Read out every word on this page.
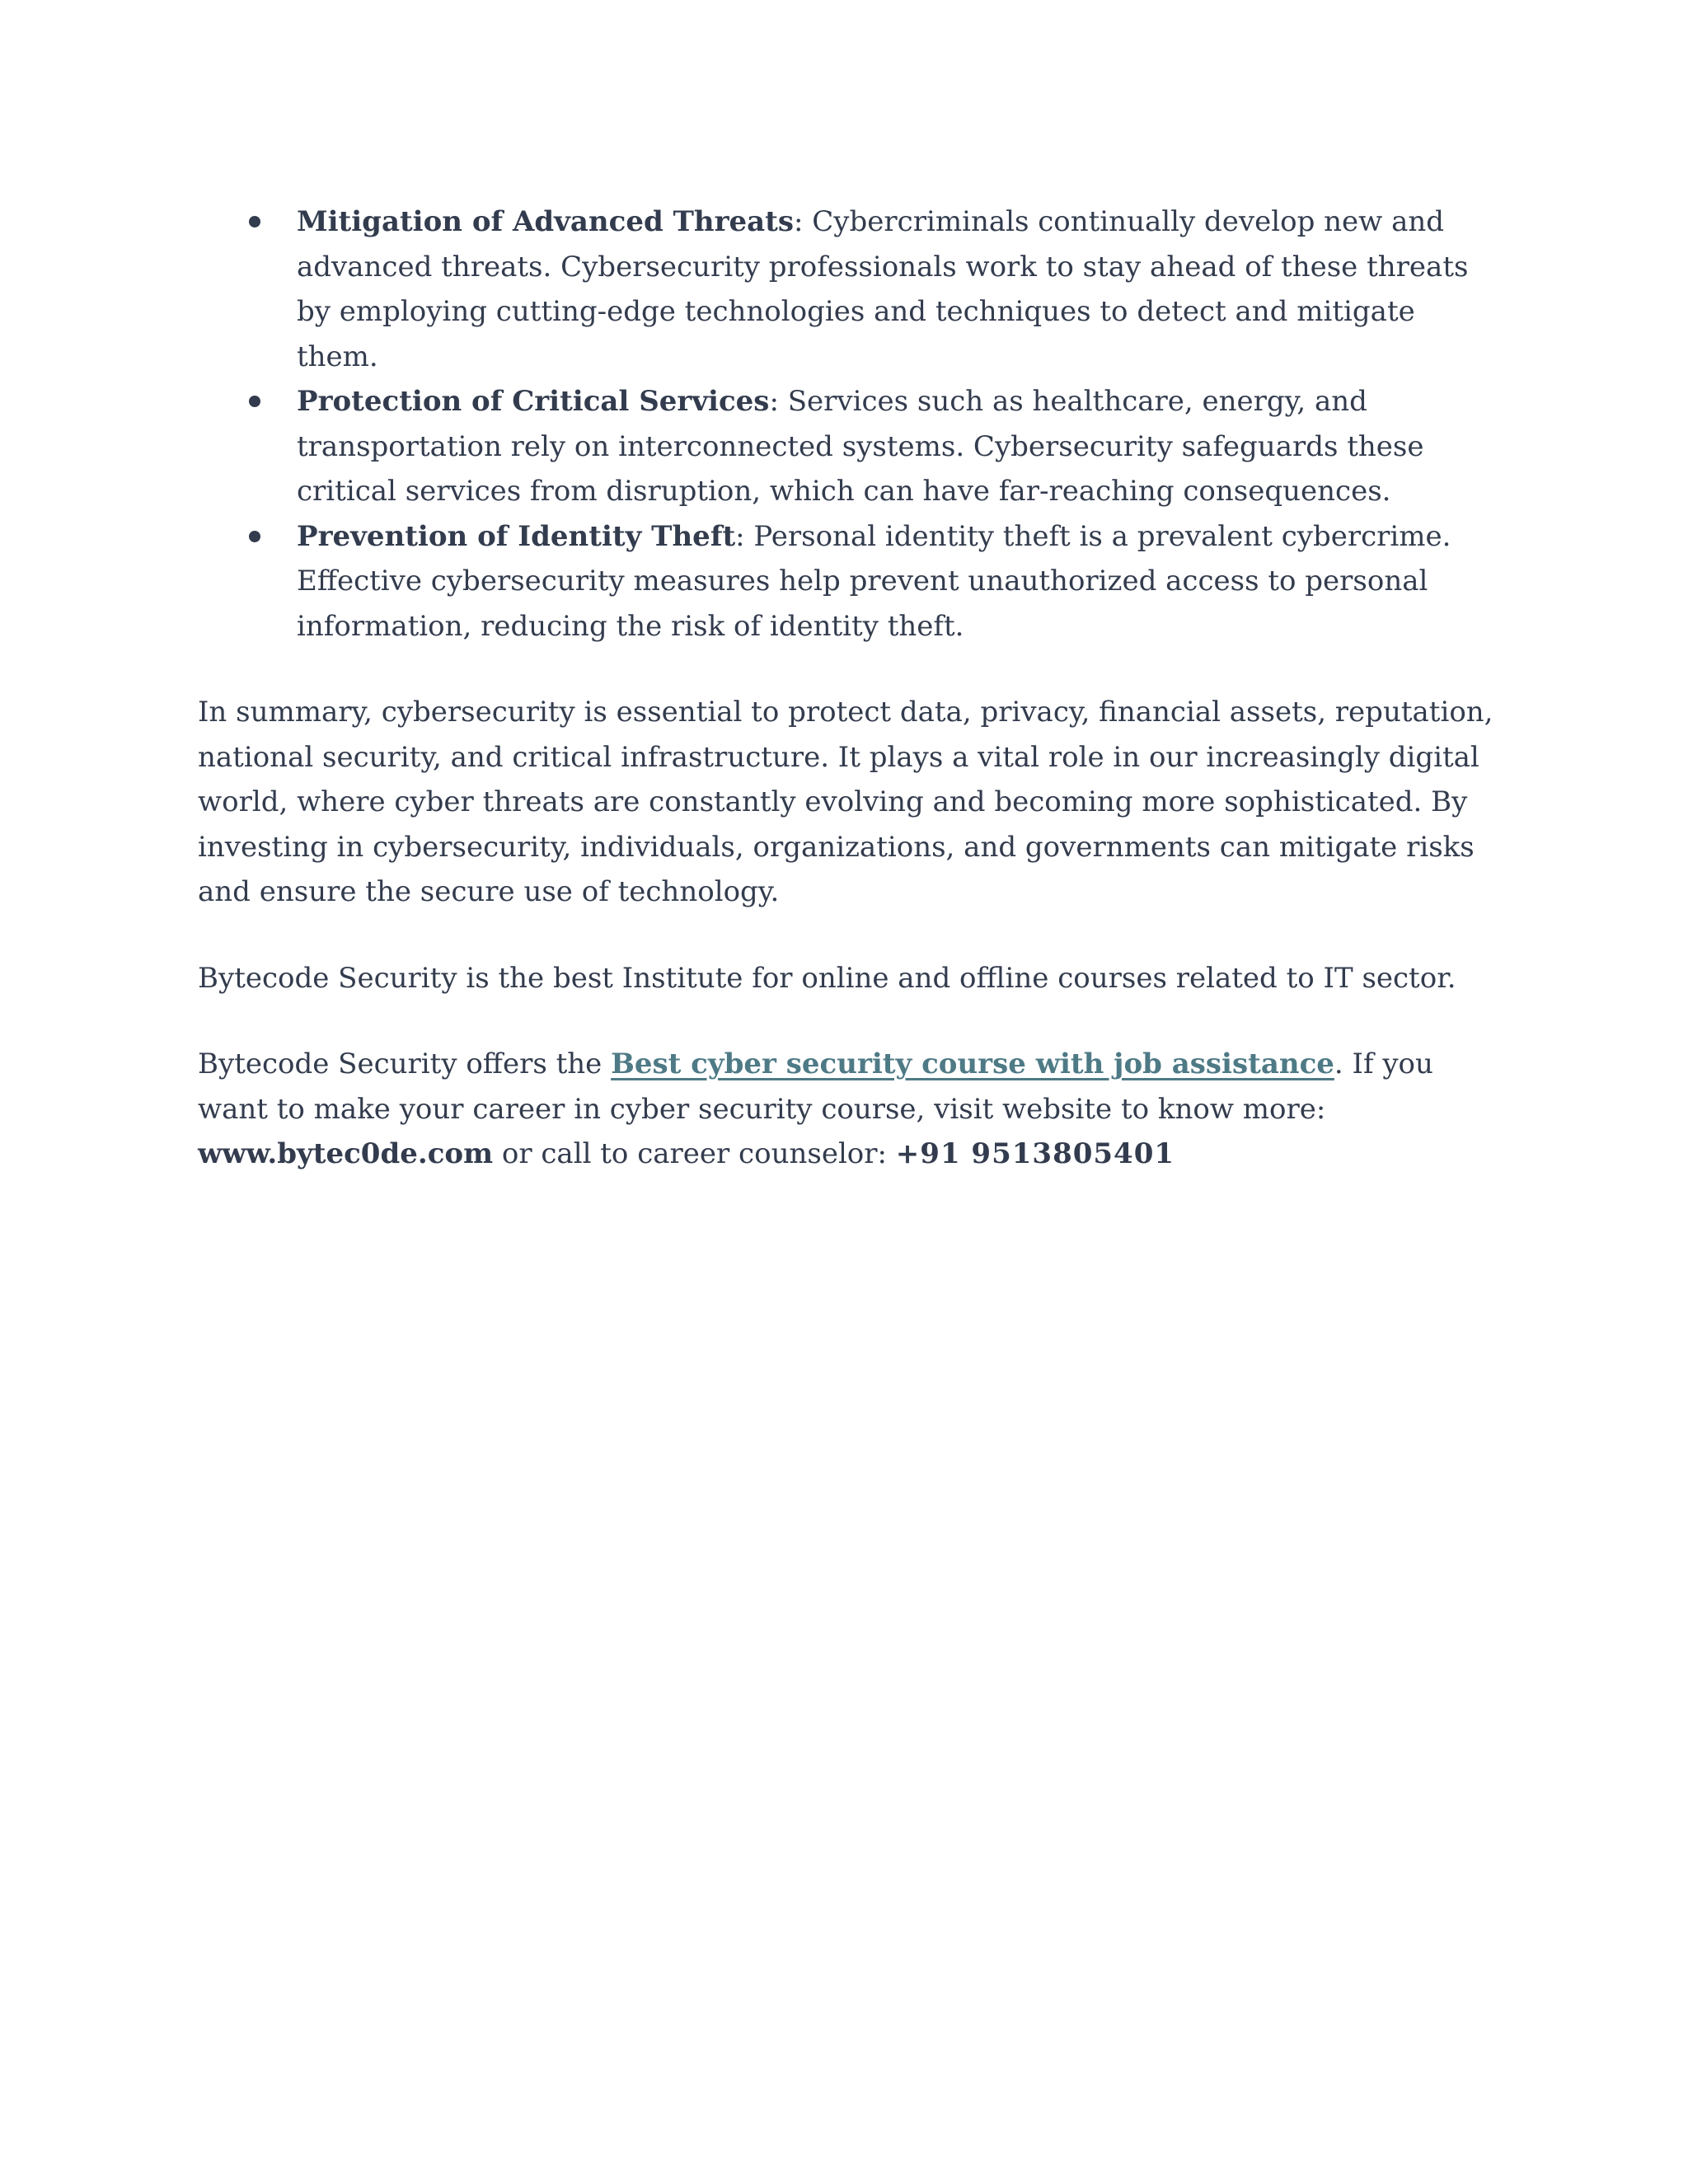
Mitigation of Advanced Threats: Cybercriminals continually develop new and advanced threats. Cybersecurity professionals work to stay ahead of these threats by employing cutting-edge technologies and techniques to detect and mitigate them.
Protection of Critical Services: Services such as healthcare, energy, and transportation rely on interconnected systems. Cybersecurity safeguards these critical services from disruption, which can have far-reaching consequences.
Prevention of Identity Theft: Personal identity theft is a prevalent cybercrime. Effective cybersecurity measures help prevent unauthorized access to personal information, reducing the risk of identity theft.

In summary, cybersecurity is essential to protect data, privacy, financial assets, reputation, national security, and critical infrastructure. It plays a vital role in our increasingly digital world, where cyber threats are constantly evolving and becoming more sophisticated. By investing in cybersecurity, individuals, organizations, and governments can mitigate risks and ensure the secure use of technology.

Bytecode Security is the best Institute for online and offline courses related to IT sector.

Bytecode Security offers the Best cyber security course with job assistance. If you want to make your career in cyber security course, visit website to know more: www.bytec0de.com or call to career counselor: +91 9513805401
